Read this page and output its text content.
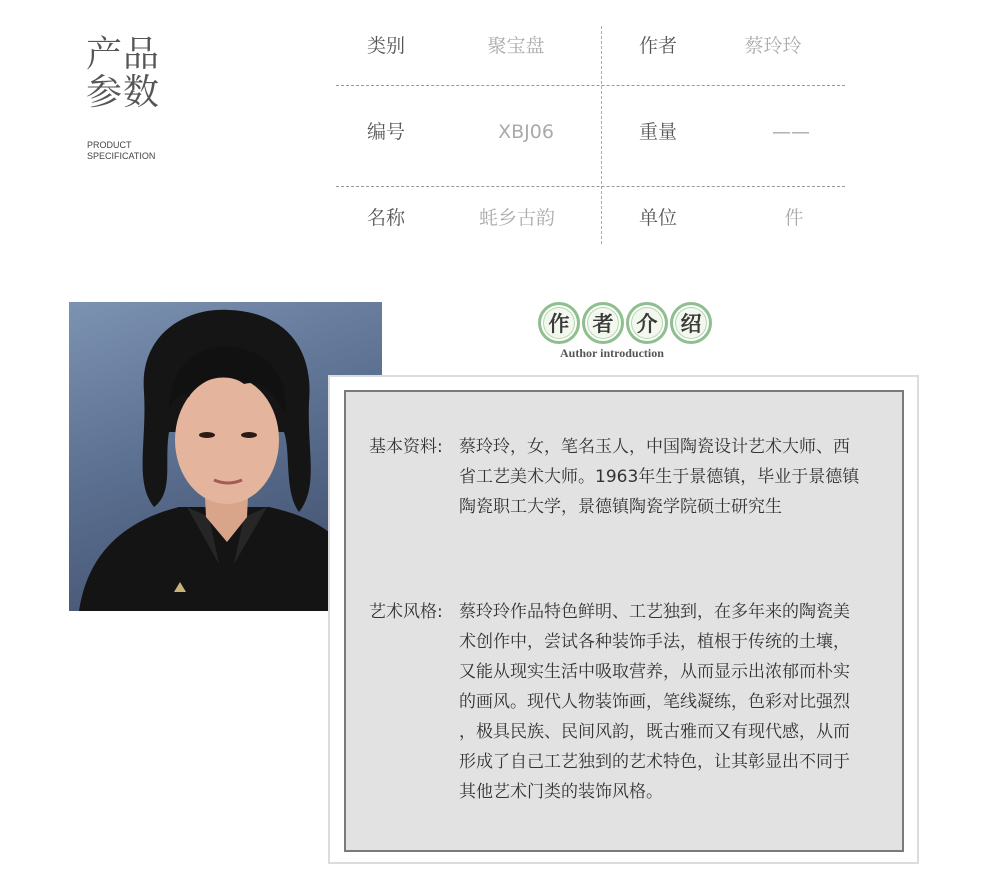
产品
参数
PRODUCT
SPECIFICATION
类别	聚宝盘	作者	蔡玲玲
编号	XBJ06	重量	——
名称	蚝乡古韵	单位	件
作	者	介	绍
Author introduction
基本资料: 蔡玲玲，女，笔名玉人，中国陶瓷设计艺术大师、西
省工艺美术大师。1963年生于景德镇，毕业于景德镇
陶瓷职工大学，景德镇陶瓷学院硕士研究生
艺术风格: 蔡玲玲作品特色鲜明、工艺独到，在多年来的陶瓷美
术创作中，尝试各种装饰手法，植根于传统的土壤，
又能从现实生活中吸取营养，从而显示出浓郁而朴实
的画风。现代人物装饰画，笔线凝练，色彩对比强烈
，极具民族、民间风韵，既古雅而又有现代感，从而
形成了自己工艺独到的艺术特色，让其彰显出不同于
其他艺术门类的装饰风格。
